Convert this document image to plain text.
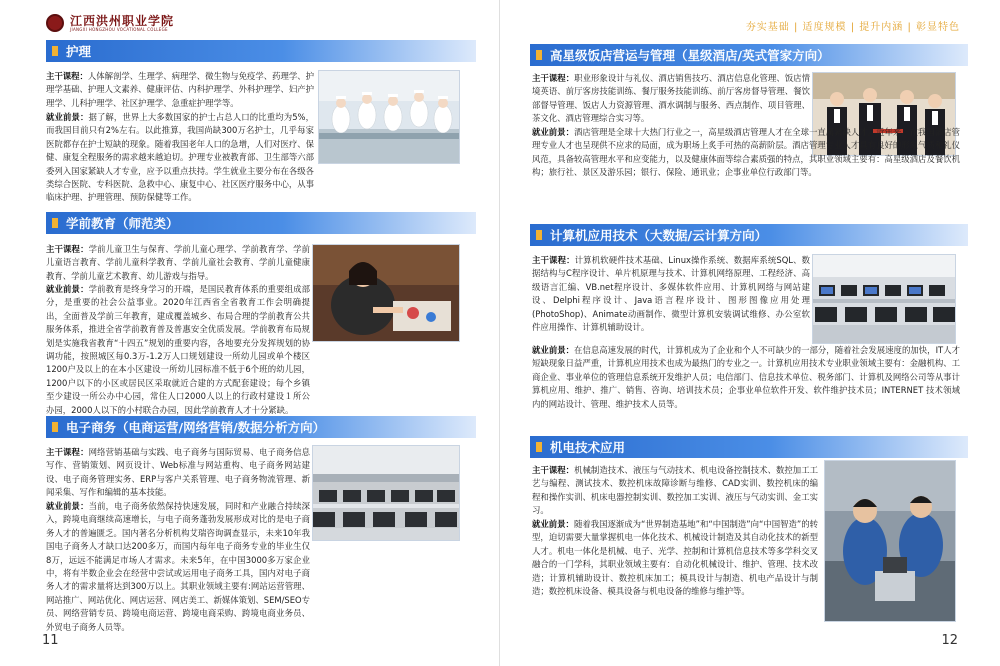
江西洪州职业学院
JIANGXI HONGZHOU VOCATIONAL COLLEGE
护理

主干课程：人体解剖学、生理学、病理学、微生物与免疫学、药理学、护理学基础、护理人文素养、健康评估、内科护理学、外科护理学、妇产护理学、儿科护理学、社区护理学、急重症护理学等。

就业前景：据了解，世界上大多数国家的护士占总人口的比重均为5%，而我国目前只有2%左右。以此推算，我国尚缺300万名护士，几乎每家医院都存在护士短缺的现象。随着我国老年人口的急增，人们对医疗、保健、康复全程服务的需求越来越迫切。护理专业被教育部、卫生部等六部委列入国家紧缺人才专业，应予以重点扶持。学生就业主要分布在各级各类综合医院、专科医院、急救中心、康复中心、社区医疗服务中心，从事临床护理、护理管理、预防保健等工作。

学前教育（师范类）

主干课程：学前儿童卫生与保育、学前儿童心理学、学前教育学、学前儿童语言教育、学前儿童科学教育、学前儿童社会教育、学前儿童健康教育、学前儿童艺术教育、幼儿游戏与指导。

就业前景：学前教育是终身学习的开端，是国民教育体系的重要组成部分，是重要的社会公益事业。2020年江西省全省教育工作会明确提出，全面普及学前三年教育，建成覆盖城乡、布局合理的学前教育公共服务体系，推进全省学前教育普及普惠安全优质发展。学前教育布局规划是实施我省教育“十四五”规划的重要内容，各地要充分发挥规划的协调功能，按照城区每0.3万-1.2万人口规划建设一所幼儿园或单个楼区1200户及以上的在本小区建设一所幼儿园标准不低于6个班的幼儿园，1200户以下的小区或居民区采取就近合建的方式配套建设；每个乡镇至少建设一所公办中心园，常住人口2000人以上的行政村建设１所公办园，2000人以下的小村联合办园，因此学前教育人才十分紧缺。

电子商务（电商运营/网络营销/数据分析方向）

主干课程：网络营销基础与实践、电子商务与国际贸易、电子商务信息写作、营销策划、网页设计、Web标准与网站重构、电子商务网站建设、电子商务管理实务、ERP与客户关系管理、电子商务物流管理、新闻采集、写作和编辑的基本技能。

就业前景：当前，电子商务依然保持快速发展，同时和产业融合持续深入，跨境电商继续高速增长，与电子商务蓬勃发展形成对比的是电子商务人才的普遍匮乏。国内著名分析机构艾瑞咨询调查显示，未来10年我国电子商务人才缺口达200多万，而国内每年电子商务专业的毕业生仅8万，远远不能满足市场人才需求。未来5年，在中国3000多万家企业中，将有半数企业会在经营中尝试或运用电子商务工具，国内对电子商务人才的需求量将达到300万以上。其职业领域主要有:网站运营管理、网站推广、网站优化、网店运营、网店美工、新媒体策划、SEM/SEO专员、网络营销专员、跨境电商运营、跨境电商采购、跨境电商业务员、外贸电子商务人员等。

11
夯实基础 | 适度规模 | 提升内涵 | 彰显特色
高星级饭店营运与管理（星级酒店/英式管家方向）

主干课程：职业形象设计与礼仪、酒店销售技巧、酒店信息化管理、饭店情境英语、前厅客房技能训练、餐厅服务技能训练、前厅客房督导管理、餐饮部督导管理、饭店人力资源管理、酒水调制与服务、西点制作、项目管理、茶文化、酒店管理综合实习等。

就业前景：酒店管理是全球十大热门行业之一，高星级酒店管理人才在全球一直属紧缺人才。近年来，在我国酒店管理专业人才也呈现供不应求的局面，成为职场上炙手可热的高薪阶层。酒店管理专业人才具有良好的形象气质和礼仪风范，具备较高管理水平和应变能力，以及健康体面等综合素质强的特点，其职业领域主要有：高星级酒店及餐饮机构；旅行社、景区及游乐园；银行、保险、通讯业；企事业单位行政部门等。

计算机应用技术（大数据/云计算方向）

主干课程：计算机软硬件技术基础、Linux操作系统、数据库系统SQL、数据结构与C程序设计、单片机原理与技术、计算机网络原理、工程经济、高级语言汇编、VB.net程序设计、多媒体软件应用、计算机网络与网站建设、Delphi程序设计、Java语言程序设计、图形图像应用处理(PhotoShop)、Animate动画制作、微型计算机安装调试维修、办公室软件应用操作、计算机辅助设计。

就业前景：在信息高速发展的时代，计算机成为了企业和个人不可缺少的一部分，随着社会发展速度的加快，IT人才短缺现象日益严重，计算机应用技术也成为最热门的专业之一。计算机应用技术专业职业领域主要有：金融机构、工商企业、事业单位的管理信息系统开发维护人员；电信部门、信息技术单位、税务部门、计算机及网络公司等从事计算机应用、维护、推广、销售、咨询、培训技术员；企事业单位软件开发、软件维护技术员；INTERNET 技术领域内的网站设计、管理、维护技术人员等。

机电技术应用

主干课程：机械制造技术、液压与气动技术、机电设备控制技术、数控加工工艺与编程、测试技术、数控机床故障诊断与维修、CAD实训、数控机床的编程和操作实训、机床电器控制实训、数控加工实训、液压与气动实训、金工实习。

就业前景：随着我国逐渐成为“世界制造基地”和“中国制造”向“中国智造”的转型，迫切需要大量掌握机电一体化技术、机械设计制造及其自动化技术的新型人才。机电一体化是机械、电子、光学、控制和计算机信息技术等多学科交叉融合的一门学科，其职业领域主要有：自动化机械设计、维护、管理、技术改造；计算机辅助设计、数控机床加工；模具设计与制造、机电产品设计与制造；数控机床设备、模具设备与机电设备的维修与维护等。

12
